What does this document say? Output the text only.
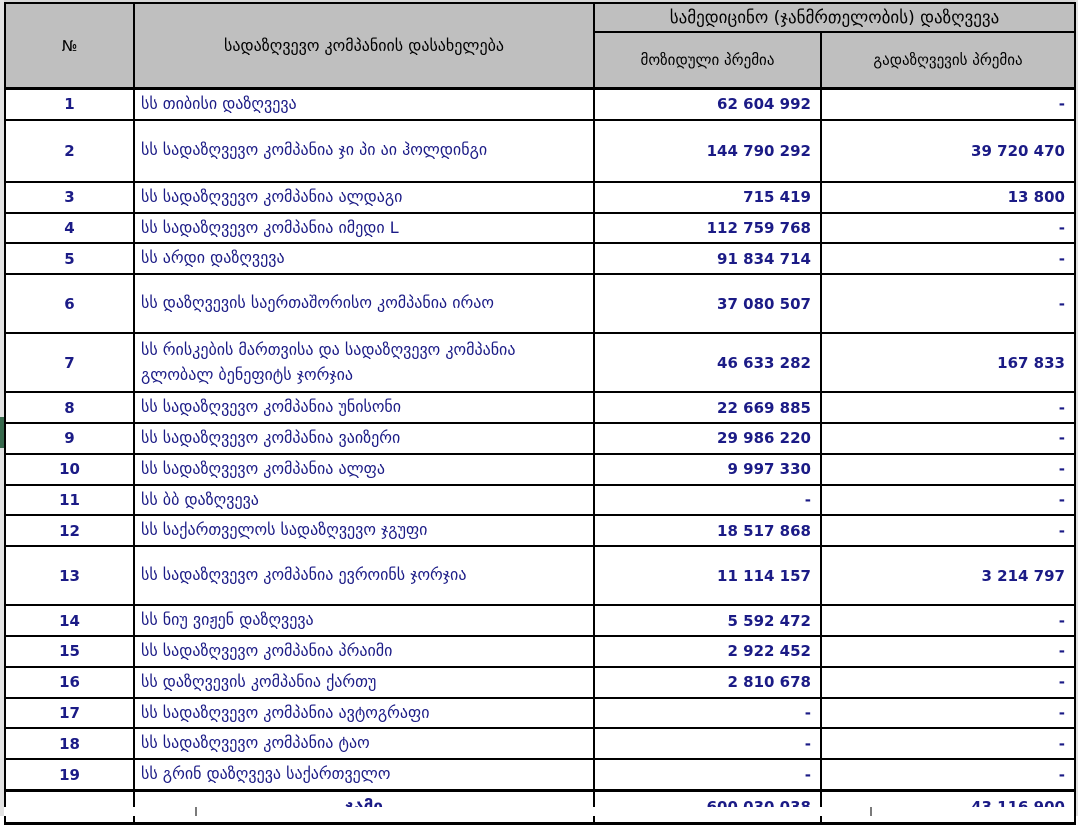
№	სადაზღვევო კომპანიის დასახელება	სამედიცინო (ჯანმრთელობის) დაზღვევა	
		მოზიდული პრემია	გადაზღვევის პრემია
1	სს თიბისი დაზღვევა	62 604 992	-
2	სს სადაზღვევო კომპანია ჯი პი აი ჰოლდინგი	144 790 292	39 720 470
3	სს სადაზღვევო კომპანია ალდაგი	715 419	13 800
4	სს სადაზღვევო კომპანია იმედი L	112 759 768	-
5	სს არდი დაზღვევა	91 834 714	-
6	სს დაზღვევის საერთაშორისო კომპანია ირაო	37 080 507	-
7	სს რისკების მართვისა და სადაზღვევო კომპანია გლობალ ბენეფიტს ჯორჯია	46 633 282	167 833
8	სს სადაზღვევო კომპანია უნისონი	22 669 885	-
9	სს სადაზღვევო კომპანია ვაიზერი	29 986 220	-
10	სს სადაზღვევო კომპანია ალფა	9 997 330	-
11	სს ბბ დაზღვევა	-	-
12	სს საქართველოს სადაზღვევო ჯგუფი	18 517 868	-
13	სს სადაზღვევო კომპანია ევროინს ჯორჯია	11 114 157	3 214 797
14	სს ნიუ ვიჟენ დაზღვევა	5 592 472	-
15	სს სადაზღვევო კომპანია პრაიმი	2 922 452	-
16	სს დაზღვევის კომპანია ქართუ	2 810 678	-
17	სს სადაზღვევო კომპანია ავტოგრაფი	-	-
18	სს სადაზღვევო კომპანია ტაო	-	-
19	სს გრინ დაზღვევა საქართველო	-	-
